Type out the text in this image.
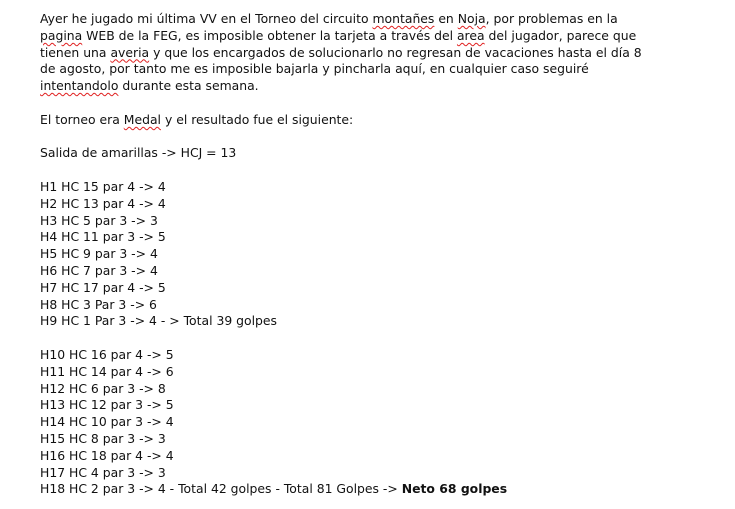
Ayer he jugado mi última VV en el Torneo del circuito montañes en Noja, por problemas en la

pagina WEB de la FEG, es imposible obtener la tarjeta a través del area del jugador, parece que

tienen una averia y que los encargados de solucionarlo no regresan de vacaciones hasta el día 8

de agosto, por tanto me es imposible bajarla y pincharla aquí, en cualquier caso seguiré

intentandolo durante esta semana.

El torneo era Medal y el resultado fue el siguiente:

Salida de amarillas -> HCJ = 13

H1 HC 15 par 4 -> 4

H2 HC 13 par 4 -> 4

H3 HC 5 par 3 -> 3

H4 HC 11 par 3 -> 5

H5 HC 9 par 3 -> 4

H6 HC 7 par 3 -> 4

H7 HC 17 par 4 -> 5

H8 HC 3 Par 3 -> 6

H9 HC 1 Par 3 -> 4 - > Total 39 golpes

H10 HC 16 par 4 -> 5

H11 HC 14 par 4 -> 6

H12 HC 6 par 3 -> 8

H13 HC 12 par 3 -> 5

H14 HC 10 par 3 -> 4

H15 HC 8 par 3 -> 3

H16 HC 18 par 4 -> 4

H17 HC 4 par 3 -> 3

H18 HC 2 par 3 -> 4 - Total 42 golpes - Total 81 Golpes -> Neto 68 golpes
